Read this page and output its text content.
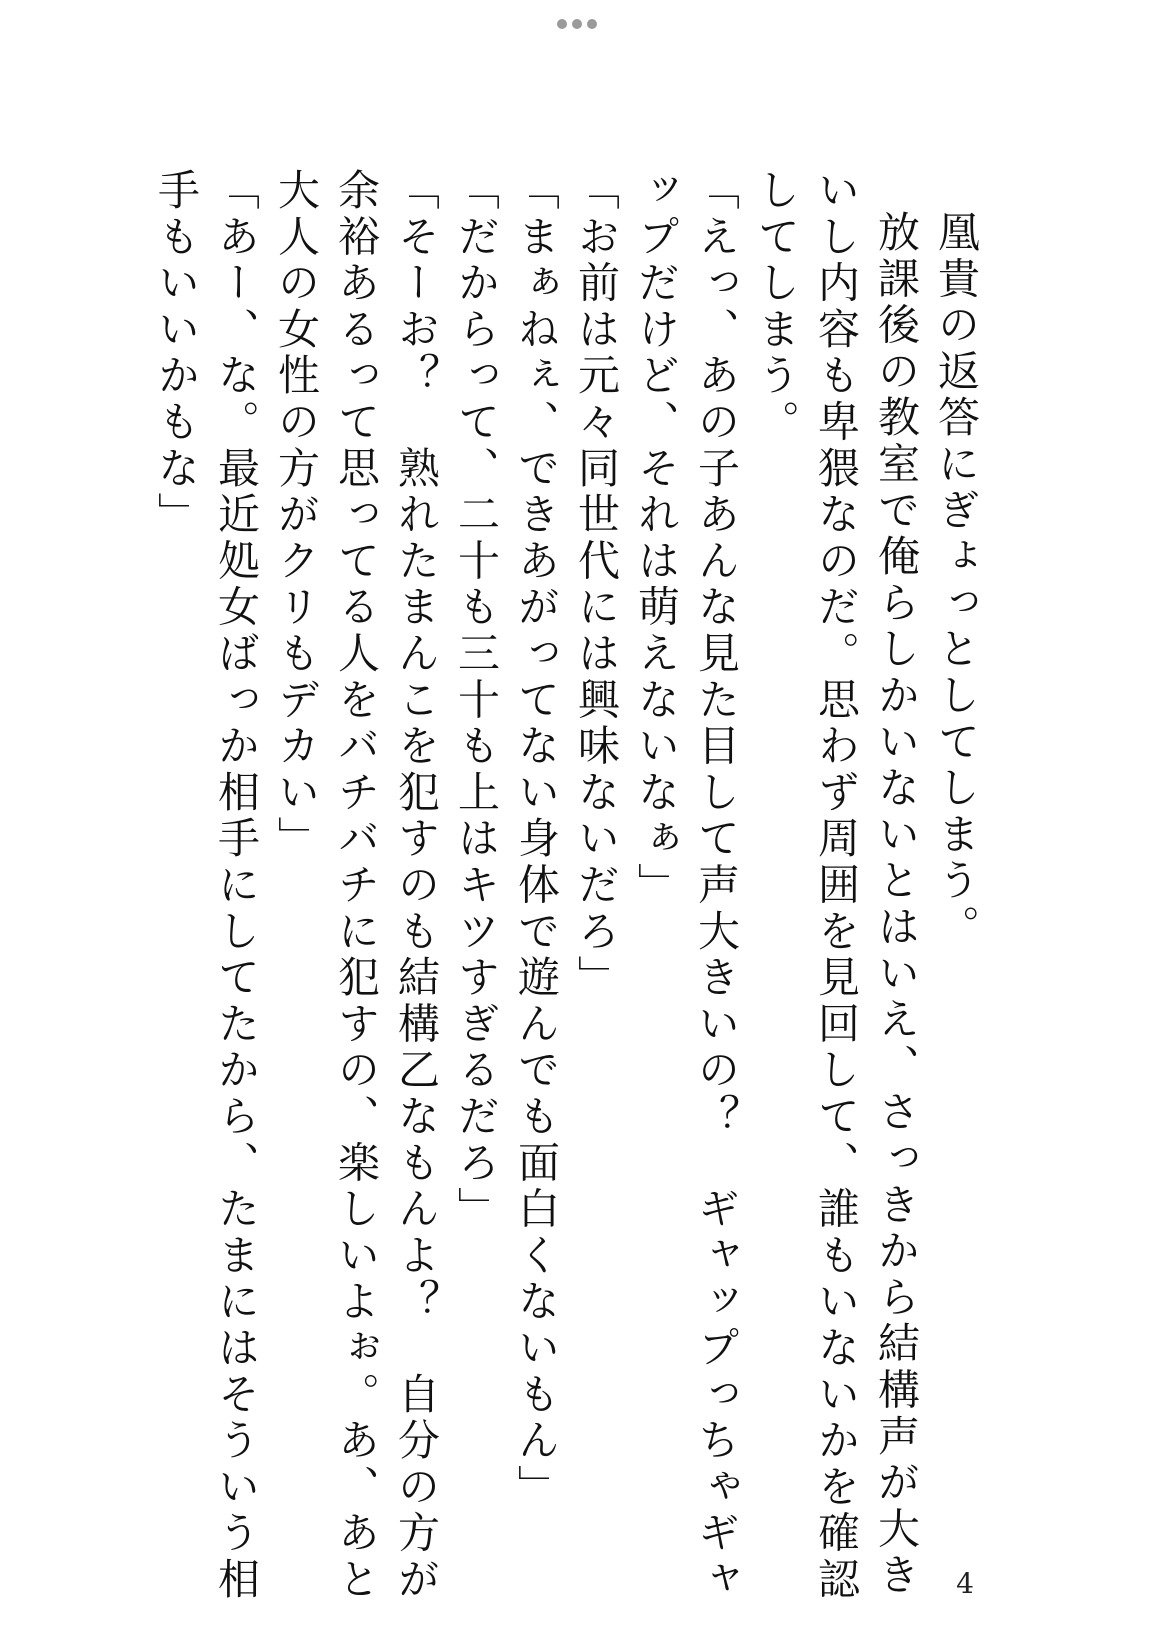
凰貴の返答にぎょっとしてしまう。
放課後の教室で俺らしかいないとはいえ、さっきから結構声が大き
いし内容も卑猥なのだ。思わず周囲を見回して、誰もいないかを確認
してしまう。
「えっ、あの子あんな見た目して声大きいの？　ギャップっちゃギャ
ップだけど、それは萌えないなぁ」
「お前は元々同世代には興味ないだろ」
「まぁねぇ、できあがってない身体で遊んでも面白くないもん」
「だからって、二十も三十も上はキツすぎるだろ」
「そーお？　熟れたまんこを犯すのも結構乙なもんよ？　自分の方が
余裕あるって思ってる人をバチバチに犯すの、楽しいよぉ。あ、あと
大人の女性の方がクリもデカい」
「あー、な。最近処女ばっか相手にしてたから、たまにはそういう相
手もいいかもな」
4
